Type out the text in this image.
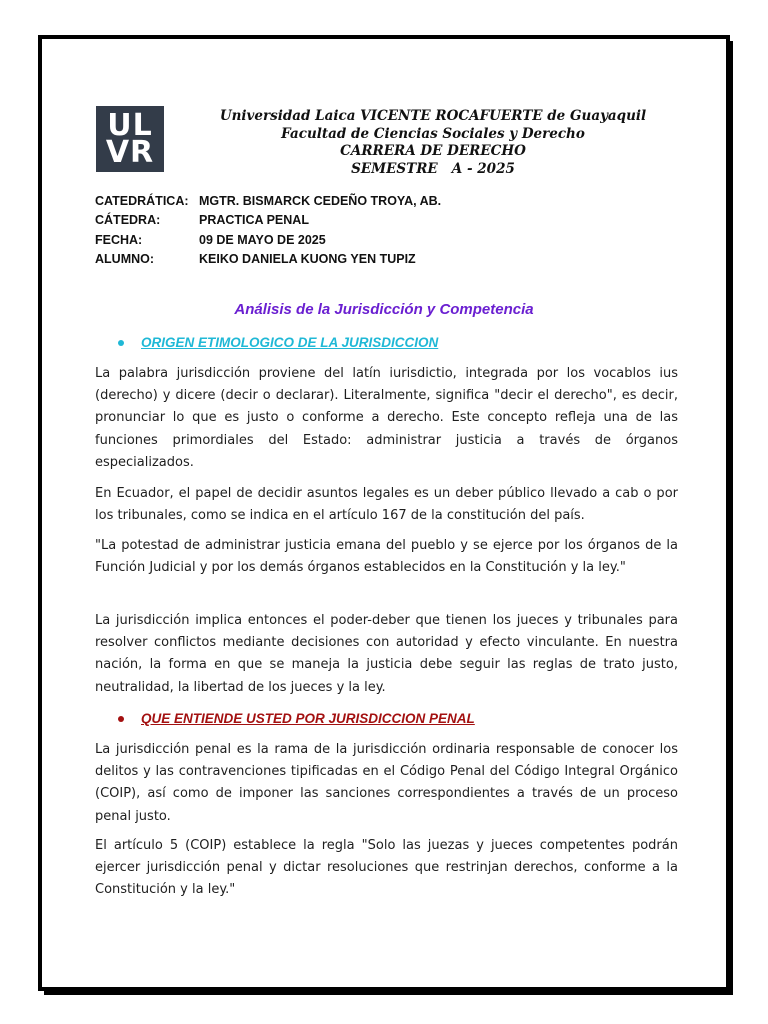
UL
VR
Universidad Laica VICENTE ROCAFUERTE de Guayaquil
Facultad de Ciencias Sociales y Derecho
CARRERA DE DERECHO
SEMESTRE   A - 2025
CATEDRÁTICA: MGTR. BISMARCK CEDEÑO TROYA, AB.
CÁTEDRA:	PRACTICA PENAL
FECHA:	09 DE MAYO DE 2025
ALUMNO:	KEIKO DANIELA KUONG YEN TUPIZ
Análisis de la Jurisdicción y Competencia
ORIGEN ETIMOLOGICO DE LA JURISDICCION

La palabra jurisdicción proviene del latín iurisdictio, integrada por los vocablos ius (derecho) y dicere (decir o declarar). Literalmente, significa "decir el derecho", es decir, pronunciar lo que es justo o conforme a derecho. Este concepto refleja una de las funciones primordiales del Estado: administrar justicia a través de órganos especializados.

En Ecuador, el papel de decidir asuntos legales es un deber público llevado a cab o por los tribunales, como se indica en el artículo 167 de la constitución del país.

"La potestad de administrar justicia emana del pueblo y se ejerce por los órganos de la Función Judicial y por los demás órganos establecidos en la Constitución y la ley."

La jurisdicción implica entonces el poder-deber que tienen los jueces y tribunales para resolver conflictos mediante decisiones con autoridad y efecto vinculante. En nuestra nación, la forma en que se maneja la justicia debe seguir las reglas de trato justo, neutralidad, la libertad de los jueces y la ley.

QUE ENTIENDE USTED POR JURISDICCION PENAL

La jurisdicción penal es la rama de la jurisdicción ordinaria responsable de conocer los delitos y las contravenciones tipificadas en el Código Penal del Código Integral Orgánico (COIP), así como de imponer las sanciones correspondientes a través de un proceso penal justo.

El artículo 5 (COIP) establece la regla "Solo las juezas y jueces competentes podrán ejercer jurisdicción penal y dictar resoluciones que restrinjan derechos, conforme a la Constitución y la ley."
